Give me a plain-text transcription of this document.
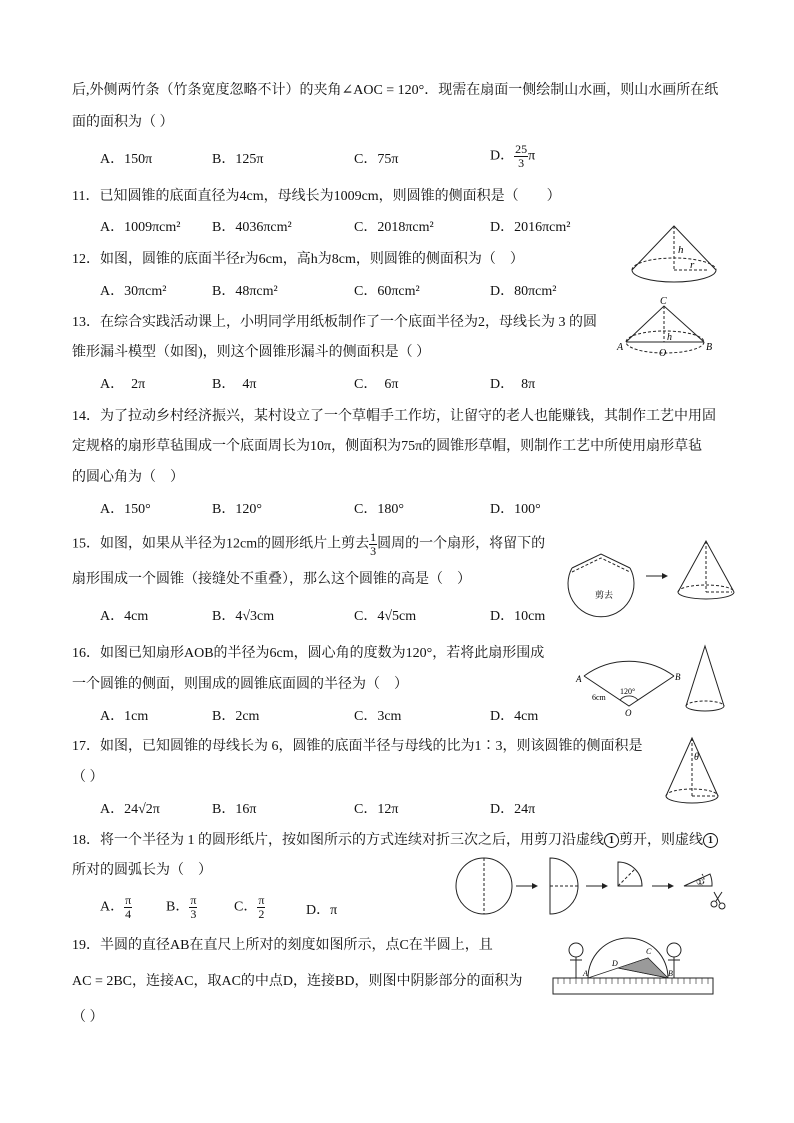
后,外侧两竹条（竹条宽度忽略不计）的夹角∠AOC = 120°．现需在扇面一侧绘制山水画，则山水画所在纸
面的面积为（ ）
A．150π	B．125π	C．75π	D． $\frac{25}{3}$ π
11．已知圆锥的底面直径为4cm，母线长为1009cm，则圆锥的侧面积是（　　）
A．1009πcm² B．4036πcm²	C．2018πcm²	D．2016πcm²
12．如图，圆锥的底面半径r为6cm，高h为8cm，则圆锥的侧面积为（　）
A．30πcm²	B．48πcm²	C．60πcm²	D．80πcm²
h
r
13．在综合实践活动课上，小明同学用纸板制作了一个底面半径为2，母线长为 3 的圆
锥形漏斗模型（如图)，则这个圆锥形漏斗的侧面积是（ ）
A．　2π	B．　4π	C．　6π	D．　8π
C
A	B
O
h
14．为了拉动乡村经济振兴，某村设立了一个草帽手工作坊，让留守的老人也能赚钱，其制作工艺中用固
定规格的扇形草毡围成一个底面周长为10π，侧面积为75π的圆锥形草帽，则制作工艺中所使用扇形草毡
的圆心角为（　）
A．150°	B．120°	C．180°	D．100°
15．如图，如果从半径为12cm的圆形纸片上剪去 $\frac{1}{3}$ 圆周的一个扇形，将留下的
扇形围成一个圆锥（接缝处不重叠），那么这个圆锥的高是（　）
A．4cm	B．4√3cm	C．4√5cm	D．10cm
剪去
16．如图已知扇形AOB的半径为6cm，圆心角的度数为120°，若将此扇形围成
一个圆锥的侧面，则围成的圆锥底面圆的半径为（　）
A．1cm	B．2cm	C．3cm	D．4cm
A	B
O
6cm
120°
17．如图，已知圆锥的母线长为 6，圆锥的底面半径与母线的比为1∶3，则该圆锥的侧面积是
（ ）
A．24√2π	B．16π	C．12π	D．24π
θ
18．将一个半径为 1 的圆形纸片，按如图所示的方式连续对折三次之后，用剪刀沿虚线 1 剪开，则虚线 1
所对的圆弧长为（　）
A． $\frac{\pi}{4}$ B． $\frac{\pi}{3}$	C． $\frac{\pi}{2}$	D．π
①
19．半圆的直径AB在直尺上所对的刻度如图所示，点C在半圆上，且
AC = 2BC，连接AC，取AC的中点D，连接BD，则图中阴影部分的面积为
（ ）
C
D
A	B
